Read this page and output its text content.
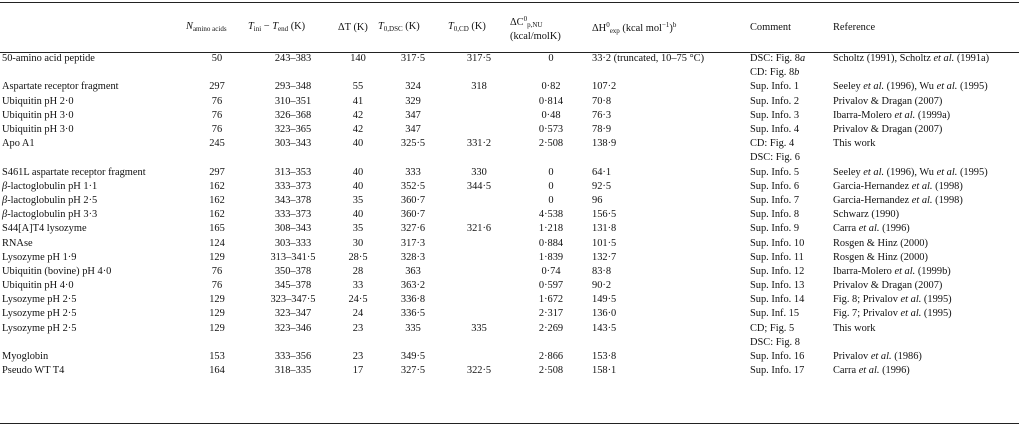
	$N_{amino acids}$	$T_{ini} - T_{end}$ (K)	ΔT (K)	$T_{0,DSC}$ (K)	$T_{0,CD}$ (K)	$\Delta C^0_{p,NU}$
(kcal/molK)	$\Delta H^0_{exp}$ (kcal mol$^{-1}$)$^b$	Comment	Reference
50-amino acid peptide	50	243–383	140	317·5	317·5	0	33·2 (truncated, 10–75 °C)	DSC: Fig. 8a	Scholtz (1991), Scholtz et al. (1991a)
								CD: Fig. 8b	
Aspartate receptor fragment	297	293–348	55	324	318	0·82	107·2	Sup. Info. 1	Seeley et al. (1996), Wu et al. (1995)
Ubiquitin pH 2·0	76	310–351	41	329		0·814	70·8	Sup. Info. 2	Privalov & Dragan (2007)
Ubiquitin pH 3·0	76	326–368	42	347		0·48	76·3	Sup. Info. 3	Ibarra-Molero et al. (1999a)
Ubiquitin pH 3·0	76	323–365	42	347		0·573	78·9	Sup. Info. 4	Privalov & Dragan (2007)
Apo A1	245	303–343	40	325·5	331·2	2·508	138·9	CD: Fig. 4	This work
								DSC: Fig. 6	
S461L aspartate receptor fragment	297	313–353	40	333	330	0	64·1	Sup. Info. 5	Seeley et al. (1996), Wu et al. (1995)
β-lactoglobulin pH 1·1	162	333–373	40	352·5	344·5	0	92·5	Sup. Info. 6	Garcia-Hernandez et al. (1998)
β-lactoglobulin pH 2·5	162	343–378	35	360·7		0	96	Sup. Info. 7	Garcia-Hernandez et al. (1998)
β-lactoglobulin pH 3·3	162	333–373	40	360·7		4·538	156·5	Sup. Info. 8	Schwarz (1990)
S44[A]T4 lysozyme	165	308–343	35	327·6	321·6	1·218	131·8	Sup. Info. 9	Carra et al. (1996)
RNAse	124	303–333	30	317·3		0·884	101·5	Sup. Info. 10	Rosgen & Hinz (2000)
Lysozyme pH 1·9	129	313–341·5	28·5	328·3		1·839	132·7	Sup. Info. 11	Rosgen & Hinz (2000)
Ubiquitin (bovine) pH 4·0	76	350–378	28	363		0·74	83·8	Sup. Info. 12	Ibarra-Molero et al. (1999b)
Ubiquitin pH 4·0	76	345–378	33	363·2		0·597	90·2	Sup. Info. 13	Privalov & Dragan (2007)
Lysozyme pH 2·5	129	323–347·5	24·5	336·8		1·672	149·5	Sup. Info. 14	Fig. 8; Privalov et al. (1995)
Lysozyme pH 2·5	129	323–347	24	336·5		2·317	136·0	Sup. Inf. 15	Fig. 7; Privalov et al. (1995)
Lysozyme pH 2·5	129	323–346	23	335	335	2·269	143·5	CD; Fig. 5	This work
								DSC: Fig. 8	
Myoglobin	153	333–356	23	349·5		2·866	153·8	Sup. Info. 16	Privalov et al. (1986)
Pseudo WT T4	164	318–335	17	327·5	322·5	2·508	158·1	Sup. Info. 17	Carra et al. (1996)
